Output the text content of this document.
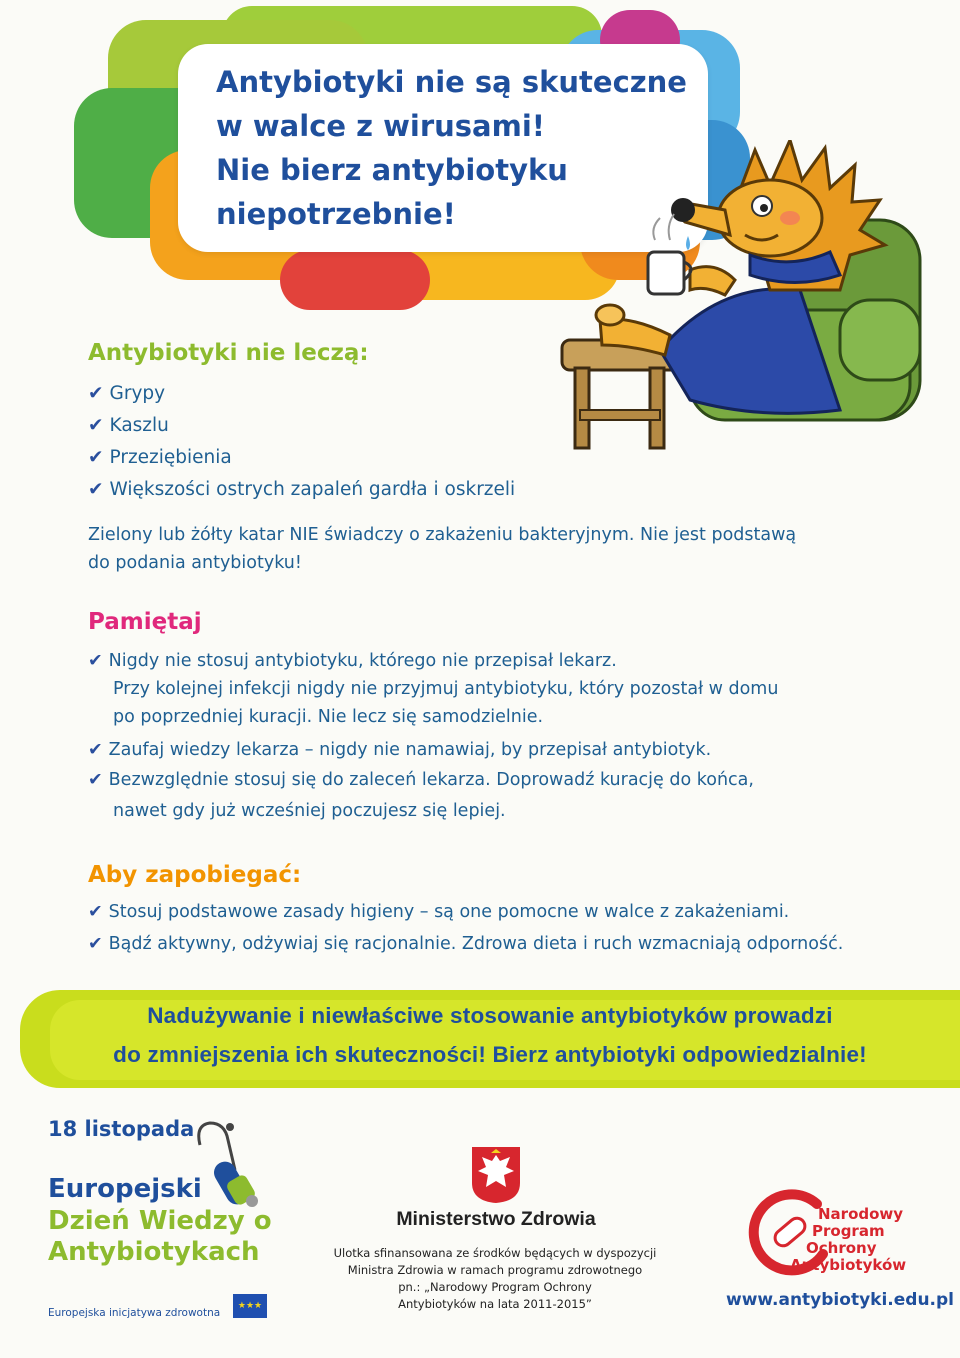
Antybiotyki nie są skuteczne
w walce z wirusami!
Nie bierz antybiotyku
niepotrzebnie!
Antybiotyki nie leczą:
✔ Grypy
✔ Kaszlu
✔ Przeziębienia
✔ Większości ostrych zapaleń gardła i oskrzeli
Zielony lub żółty katar NIE świadczy o zakażeniu bakteryjnym. Nie jest podstawą
do podania antybiotyku!
Pamiętaj
✔ Nigdy nie stosuj antybiotyku, którego nie przepisał lekarz.
Przy kolejnej infekcji nigdy nie przyjmuj antybiotyku, który pozostał w domu
po poprzedniej kuracji. Nie lecz się samodzielnie.
✔ Zaufaj wiedzy lekarza – nigdy nie namawiaj, by przepisał antybiotyk.
✔ Bezwzględnie stosuj się do zaleceń lekarza. Doprowadź kurację do końca,
nawet gdy już wcześniej poczujesz się lepiej.
Aby zapobiegać:
✔ Stosuj podstawowe zasady higieny – są one pomocne w walce z zakażeniami.
✔ Bądź aktywny, odżywiaj się racjonalnie. Zdrowa dieta i ruch wzmacniają odporność.
Nadużywanie i niewłaściwe stosowanie antybiotyków prowadzi
do zmniejszenia ich skuteczności! Bierz antybiotyki odpowiedzialnie!
18 listopada
Europejski
Dzień Wiedzy o
Antybiotykach
Europejska inicjatywa zdrowotna
★★★
Ministerstwo Zdrowia
Ulotka sfinansowana ze środków będących w dyspozycji
Ministra Zdrowia w ramach programu zdrowotnego
pn.: „Narodowy Program Ochrony
Antybiotyków na lata 2011-2015”
Narodowy
Program
Ochrony
Antybiotyków
www.antybiotyki.edu.pl
